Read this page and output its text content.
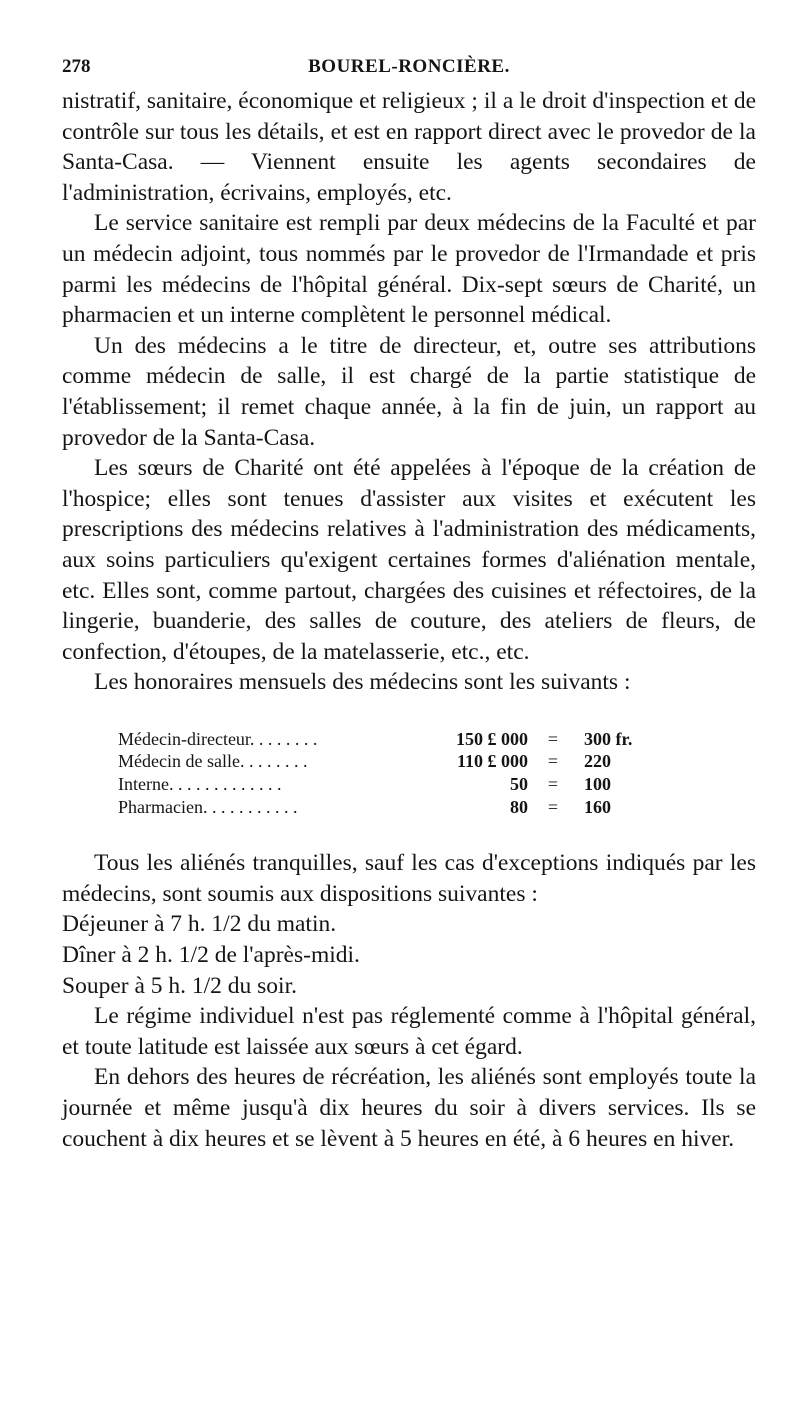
278	BOUREL-RONCIÈRE.

nistratif, sanitaire, économique et religieux ; il a le droit d'inspection et de contrôle sur tous les détails, et est en rapport direct avec le provedor de la Santa-Casa. — Viennent ensuite les agents secondaires de l'administration, écrivains, employés, etc.

Le service sanitaire est rempli par deux médecins de la Faculté et par un médecin adjoint, tous nommés par le provedor de l'Irmandade et pris parmi les médecins de l'hôpital général. Dix-sept sœurs de Charité, un pharmacien et un interne complètent le personnel médical.

Un des médecins a le titre de directeur, et, outre ses attributions comme médecin de salle, il est chargé de la partie statistique de l'établissement; il remet chaque année, à la fin de juin, un rapport au provedor de la Santa-Casa.

Les sœurs de Charité ont été appelées à l'époque de la création de l'hospice; elles sont tenues d'assister aux visites et exécutent les prescriptions des médecins relatives à l'administration des médicaments, aux soins particuliers qu'exigent certaines formes d'aliénation mentale, etc. Elles sont, comme partout, chargées des cuisines et réfectoires, de la lingerie, buanderie, des salles de couture, des ateliers de fleurs, de confection, d'étoupes, de la matelasserie, etc., etc.

Les honoraires mensuels des médecins sont les suivants :

Médecin-directeur. . . . . . . .	150 £ 000	=	300 fr.
Médecin de salle. . . . . . . .	110 £ 000	=	220
Interne. . . . . . . . . . . . .	50	=	100
Pharmacien. . . . . . . . . . .	80	=	160

Tous les aliénés tranquilles, sauf les cas d'exceptions indiqués par les médecins, sont soumis aux dispositions suivantes :

Déjeuner à 7 h. 1/2 du matin.

Dîner à 2 h. 1/2 de l'après-midi.

Souper à 5 h. 1/2 du soir.

Le régime individuel n'est pas réglementé comme à l'hôpital général, et toute latitude est laissée aux sœurs à cet égard.

En dehors des heures de récréation, les aliénés sont employés toute la journée et même jusqu'à dix heures du soir à divers services. Ils se couchent à dix heures et se lèvent à 5 heures en été, à 6 heures en hiver.
